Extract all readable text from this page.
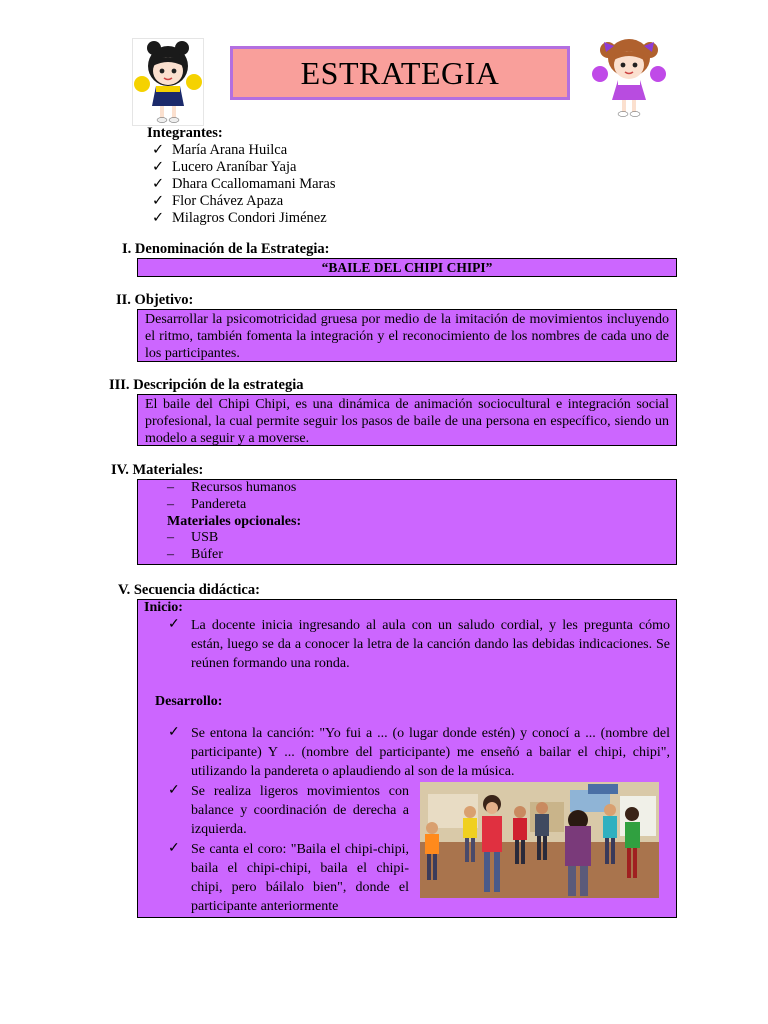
ESTRATEGIA
Integrantes:
✓ María Arana Huilca
✓ Lucero Araníbar Yaja
✓ Dhara Ccallomamani Maras
✓ Flor Chávez Apaza
✓ Milagros Condori Jiménez
I. Denominación de la Estrategia:
“BAILE DEL CHIPI CHIPI”
II. Objetivo:
Desarrollar la psicomotricidad gruesa por medio de la imitación de movimientos incluyendo el ritmo, también fomenta la integración y el reconocimiento de los nombres de cada uno de los participantes.
III. Descripción de la estrategia
El baile del Chipi Chipi, es una dinámica de animación sociocultural e integración social profesional, la cual permite seguir los pasos de baile de una persona en específico, siendo un modelo a seguir y a moverse.
IV. Materiales:
– Recursos humanos
– Pandereta
Materiales opcionales:
– USB
– Búfer
V. Secuencia didáctica:
Inicio:
✓ La docente inicia ingresando al aula con un saludo cordial, y les pregunta cómo están, luego se da a conocer la letra de la canción dando las debidas indicaciones. Se reúnen formando una ronda.
Desarrollo:
✓ Se entona la canción: "Yo fui a ... (o lugar donde estén) y conocí a ... (nombre del participante) Y ... (nombre del participante) me enseñó a bailar el chipi, chipi", utilizando la pandereta o aplaudiendo al son de la música.
✓ Se realiza ligeros movimientos con balance y coordinación de derecha a izquierda.
✓ Se canta el coro: "Baila el chipi-chipi, baila el chipi-chipi, baila el chipi-chipi, pero báilalo bien", donde el participante anteriormente
